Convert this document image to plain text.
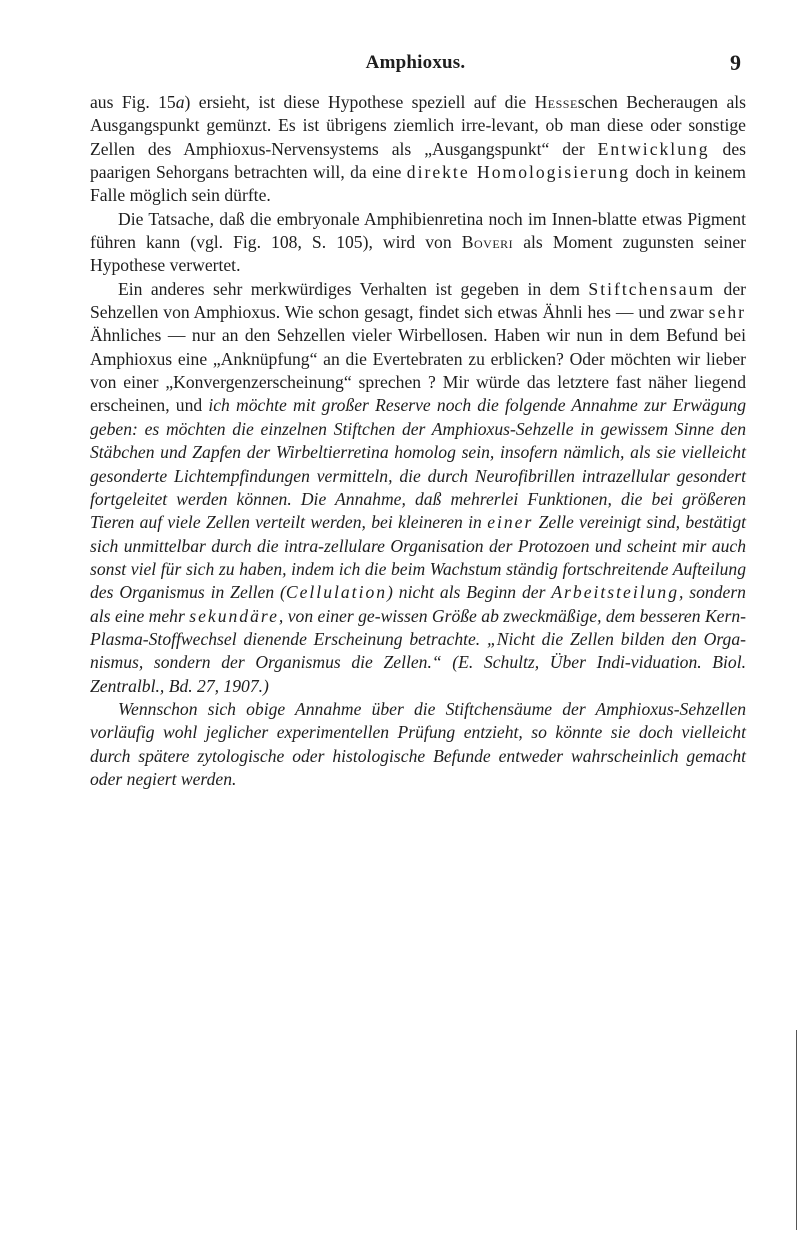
Amphioxus.	9

aus Fig. 15a) ersieht, ist diese Hypothese speziell auf die Hesseschen Becheraugen als Ausgangspunkt gemünzt. Es ist übrigens ziemlich irre-levant, ob man diese oder sonstige Zellen des Amphioxus-Nervensystems als „Ausgangspunkt“ der Entwicklung des paarigen Sehorgans betrachten will, da eine direkte Homologisierung doch in keinem Falle möglich sein dürfte.

Die Tatsache, daß die embryonale Amphibienretina noch im Innen-blatte etwas Pigment führen kann (vgl. Fig. 108, S. 105), wird von Boveri als Moment zugunsten seiner Hypothese verwertet.

Ein anderes sehr merkwürdiges Verhalten ist gegeben in dem Stiftchensaum der Sehzellen von Amphioxus. Wie schon gesagt, findet sich etwas Ähnli hes — und zwar sehr Ähnliches — nur an den Sehzellen vieler Wirbellosen. Haben wir nun in dem Befund bei Amphioxus eine „Anknüpfung“ an die Evertebraten zu erblicken? Oder möchten wir lieber von einer „Konvergenzerscheinung“ sprechen ? Mir würde das letztere fast näher liegend erscheinen, und ich möchte mit großer Reserve noch die folgende Annahme zur Erwägung geben: es möchten die einzelnen Stiftchen der Amphioxus-Sehzelle in gewissem Sinne den Stäbchen und Zapfen der Wirbeltierretina homolog sein, insofern nämlich, als sie vielleicht gesonderte Lichtempfindungen vermitteln, die durch Neurofibrillen intrazellular gesondert fortgeleitet werden können. Die Annahme, daß mehrerlei Funktionen, die bei größeren Tieren auf viele Zellen verteilt werden, bei kleineren in einer Zelle vereinigt sind, bestätigt sich unmittelbar durch die intra-zellulare Organisation der Protozoen und scheint mir auch sonst viel für sich zu haben, indem ich die beim Wachstum ständig fortschreitende Aufteilung des Organismus in Zellen (Cellulation) nicht als Beginn der Arbeitsteilung, sondern als eine mehr sekundäre, von einer ge-wissen Größe ab zweckmäßige, dem besseren Kern-Plasma-Stoffwechsel dienende Erscheinung betrachte. „Nicht die Zellen bilden den Orga-nismus, sondern der Organismus die Zellen.“ (E. Schultz, Über Indi-viduation. Biol. Zentralbl., Bd. 27, 1907.)

Wennschon sich obige Annahme über die Stiftchensäume der Amphioxus-Sehzellen vorläufig wohl jeglicher experimentellen Prüfung entzieht, so könnte sie doch vielleicht durch spätere zytologische oder histologische Befunde entweder wahrscheinlich gemacht oder negiert werden.
